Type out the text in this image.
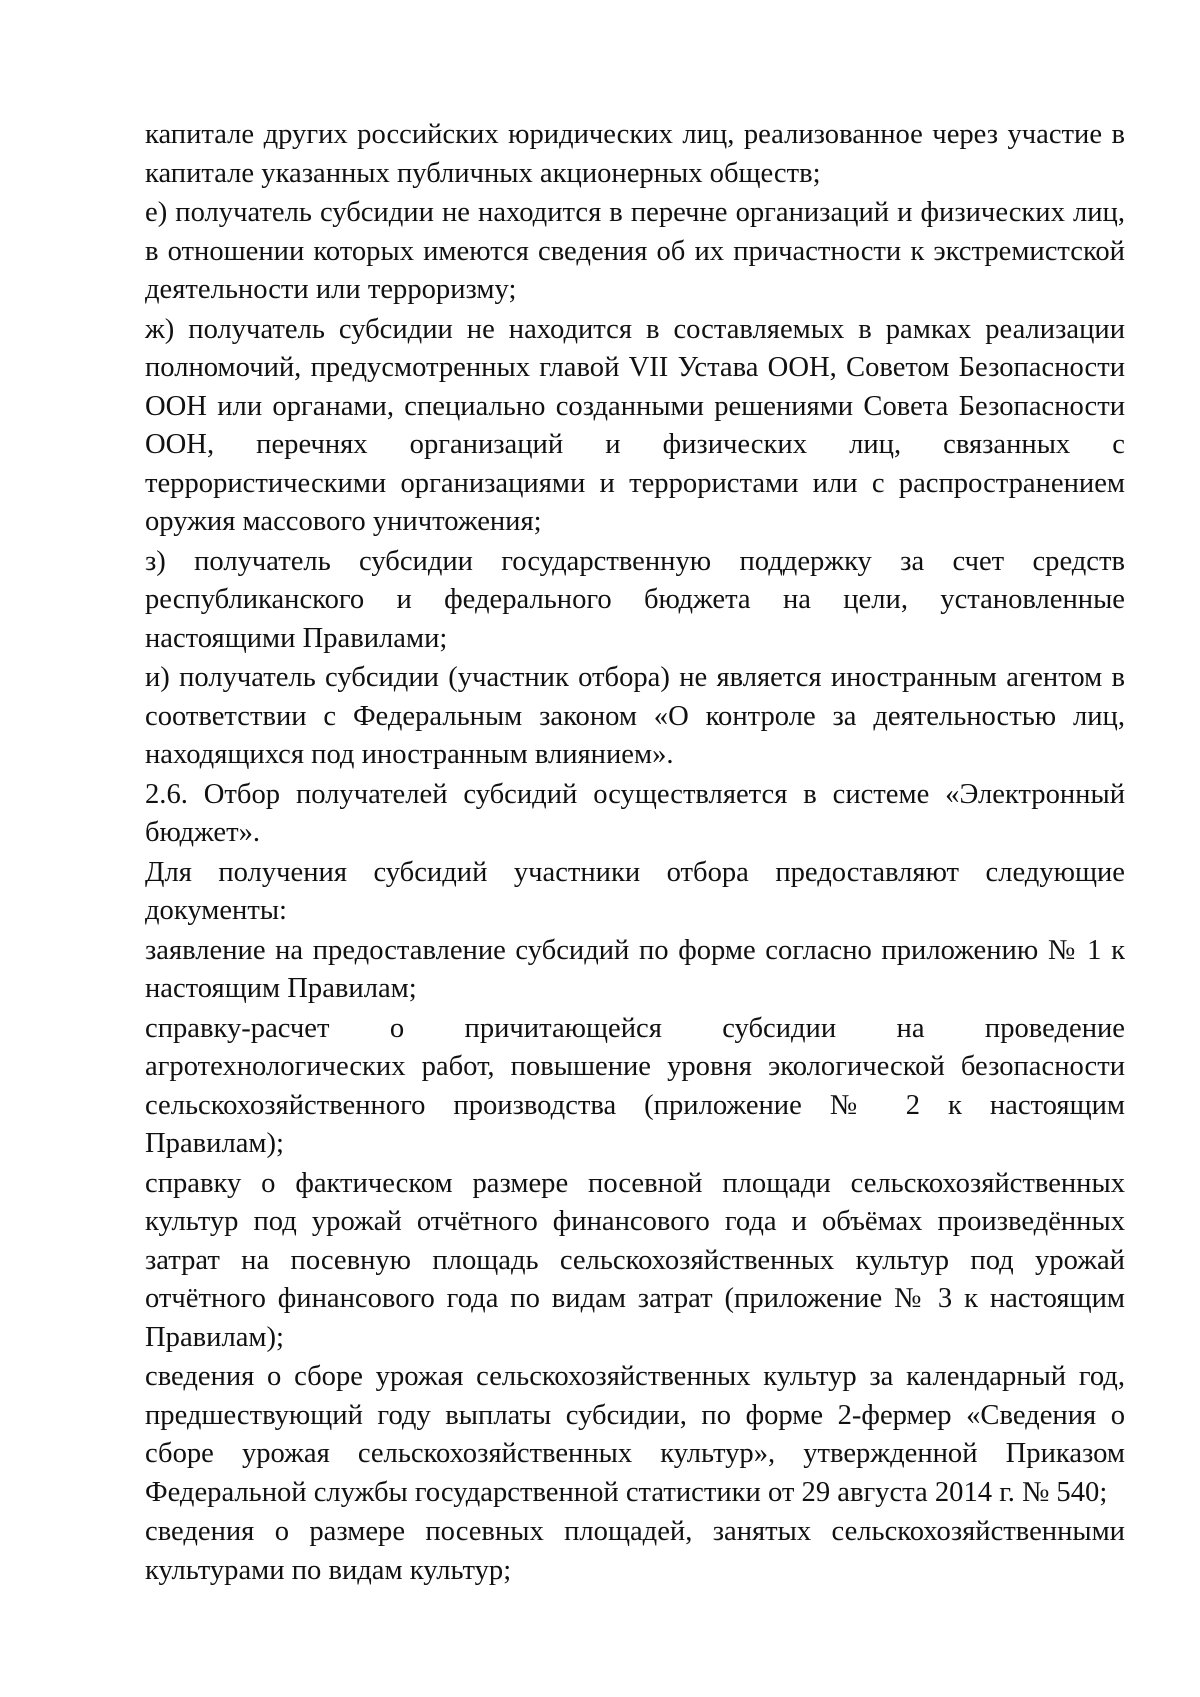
капитале других российских юридических лиц, реализованное через участие в капитале указанных публичных акционерных обществ;

е) получатель субсидии не находится в перечне организаций и физических лиц, в отношении которых имеются сведения об их причастности к экстремистской деятельности или терроризму;

ж) получатель субсидии не находится в составляемых в рамках реализации полномочий, предусмотренных главой VII Устава ООН, Советом Безопасности ООН или органами, специально созданными решениями Совета Безопасности ООН, перечнях организаций и физических лиц, связанных с террористическими организациями и террористами или с распространением оружия массового уничтожения;

з) получатель субсидии государственную поддержку за счет средств республиканского и федерального бюджета на цели, установленные настоящими Правилами;

и) получатель субсидии (участник отбора) не является иностранным агентом в соответствии с Федеральным законом «О контроле за деятельностью лиц, находящихся под иностранным влиянием».

2.6. Отбор получателей субсидий осуществляется в системе «Электронный бюджет».

Для получения субсидий участники отбора предоставляют следующие документы:

заявление на предоставление субсидий по форме согласно приложению № 1 к настоящим Правилам;

справку-расчет о причитающейся субсидии на проведение агротехнологических работ, повышение уровня экологической безопасности сельскохозяйственного производства (приложение № 2 к настоящим Правилам);

справку о фактическом размере посевной площади сельскохозяйственных культур под урожай отчётного финансового года и объёмах произведённых затрат на посевную площадь сельскохозяйственных культур под урожай отчётного финансового года по видам затрат (приложение № 3 к настоящим Правилам);

сведения о сборе урожая сельскохозяйственных культур за календарный год, предшествующий году выплаты субсидии, по форме 2-фермер «Сведения о сборе урожая сельскохозяйственных культур», утвержденной Приказом Федеральной службы государственной статистики от 29 августа 2014 г. № 540;

сведения о размере посевных площадей, занятых сельскохозяйственными культурами по видам культур;
